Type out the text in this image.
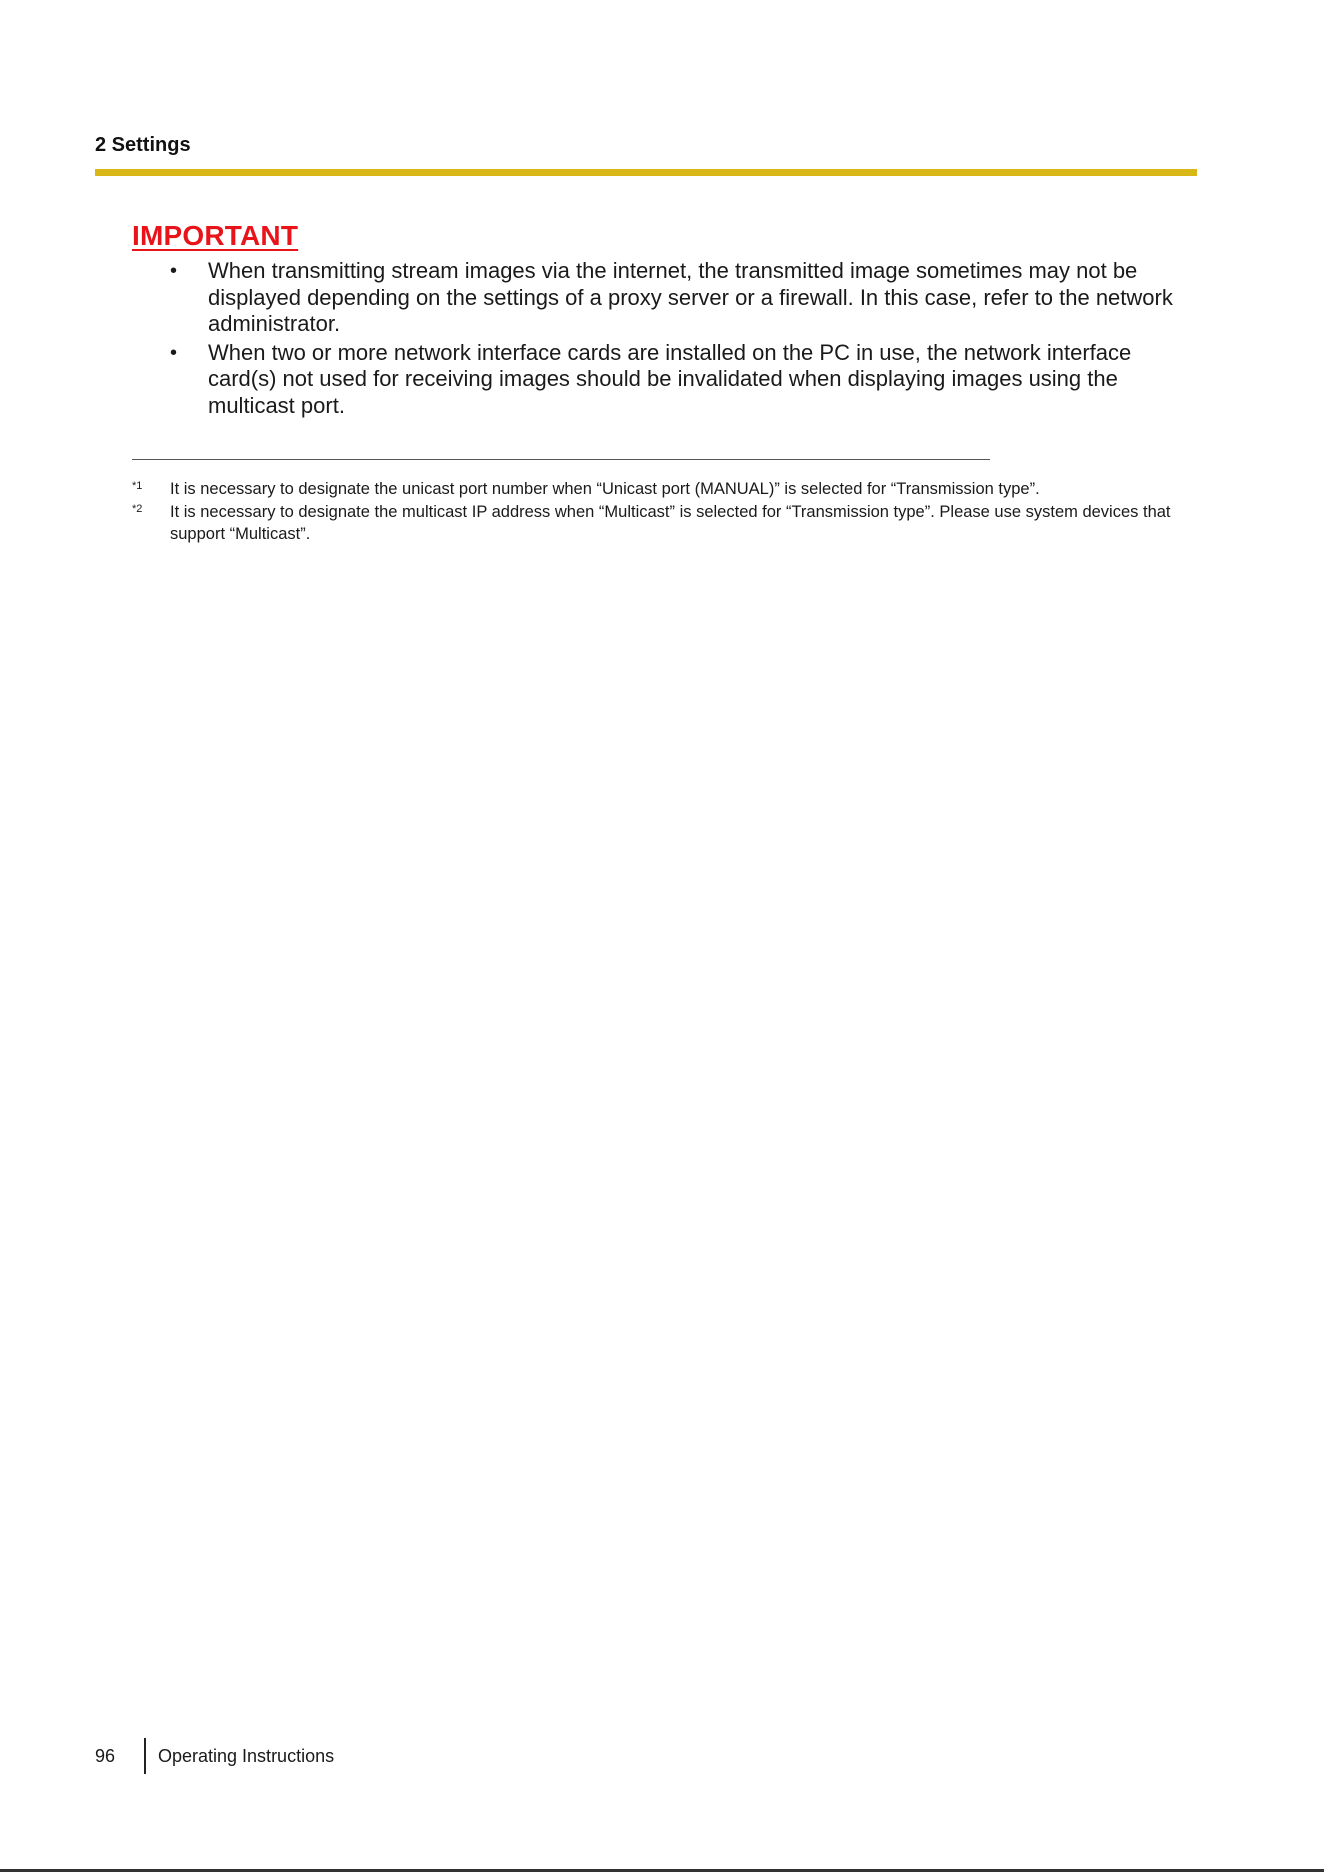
2 Settings
IMPORTANT
• When transmitting stream images via the internet, the transmitted image sometimes may not be displayed depending on the settings of a proxy server or a firewall. In this case, refer to the network administrator.
• When two or more network interface cards are installed on the PC in use, the network interface card(s) not used for receiving images should be invalidated when displaying images using the multicast port.
*1 It is necessary to designate the unicast port number when “Unicast port (MANUAL)” is selected for “Transmission type”.
*2 It is necessary to designate the multicast IP address when “Multicast” is selected for “Transmission type”. Please use system devices that support “Multicast”.
96 Operating Instructions
